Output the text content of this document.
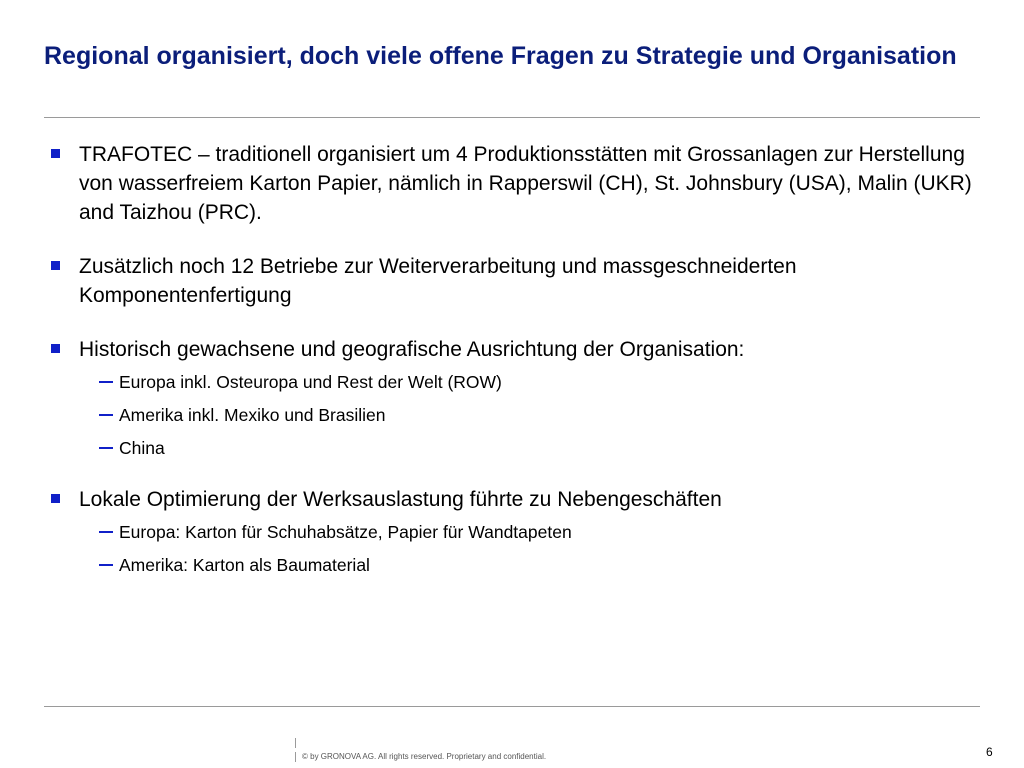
Regional organisiert, doch viele offene Fragen zu Strategie und Organisation
TRAFOTEC – traditionell organisiert um 4 Produktionsstätten mit Grossanlagen zur Herstellung von wasserfreiem Karton Papier, nämlich in Rapperswil (CH), St. Johnsbury (USA), Malin (UKR) and Taizhou (PRC).
Zusätzlich noch 12 Betriebe zur Weiterverarbeitung und massgeschneiderten Komponentenfertigung
Historisch gewachsene und geografische Ausrichtung der Organisation:
Europa inkl. Osteuropa und Rest der Welt (ROW)
Amerika inkl. Mexiko und Brasilien
China
Lokale Optimierung der Werksauslastung führte zu Nebengeschäften
Europa: Karton für Schuhabsätze, Papier für Wandtapeten
Amerika: Karton als Baumaterial
© by GRONOVA AG. All rights reserved. Proprietary and confidential.	6
